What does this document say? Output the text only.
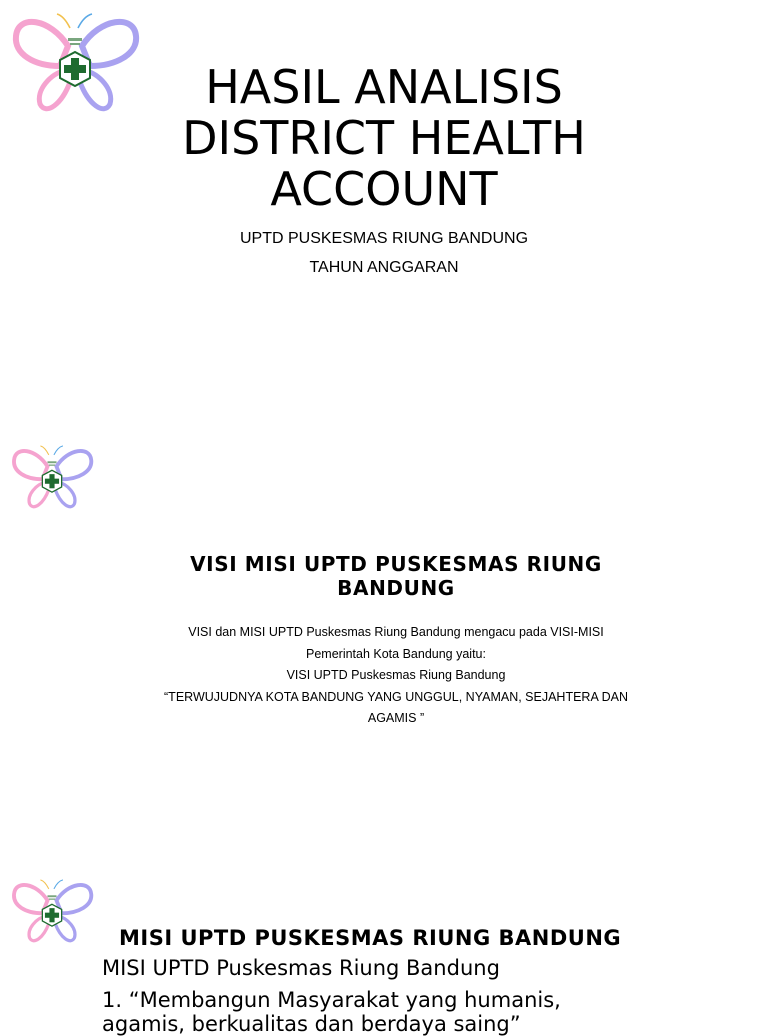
HASIL ANALISIS
DISTRICT HEALTH
ACCOUNT
UPTD PUSKESMAS RIUNG BANDUNG
TAHUN ANGGARAN
VISI MISI UPTD PUSKESMAS RIUNG
BANDUNG
VISI dan MISI UPTD Puskesmas Riung Bandung mengacu pada VISI-MISI
Pemerintah Kota Bandung yaitu:
VISI UPTD Puskesmas Riung Bandung
“TERWUJUDNYA KOTA BANDUNG YANG UNGGUL, NYAMAN, SEJAHTERA DAN
AGAMIS ”
MISI UPTD PUSKESMAS RIUNG BANDUNG
MISI UPTD Puskesmas Riung Bandung
1. “Membangun Masyarakat yang humanis,
agamis, berkualitas dan berdaya saing”
